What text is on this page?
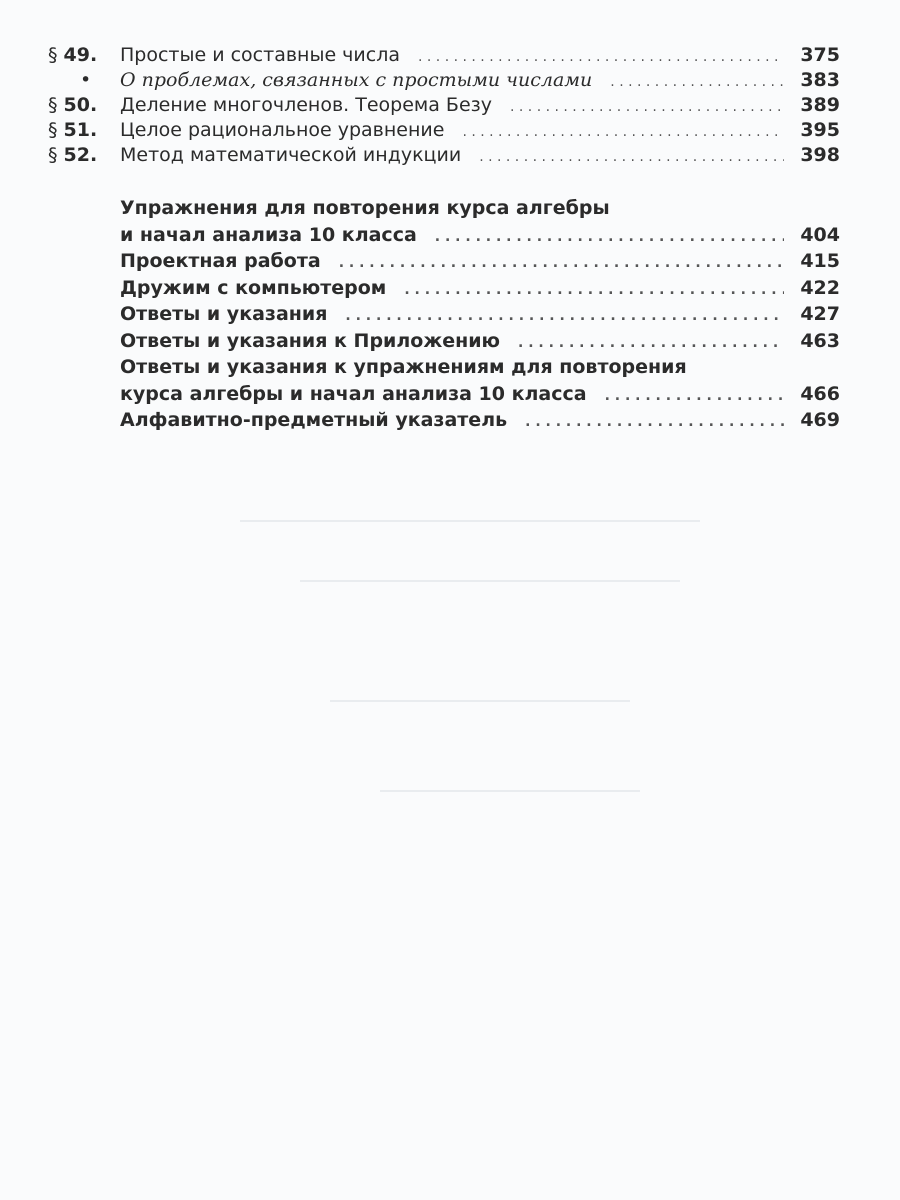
§ 49.	Простые и составные числа . . .	375
•	О проблемах, связанных с простыми числами . . .	383
§ 50.	Деление многочленов. Теорема Безу . . .	389
§ 51.	Целое рациональное уравнение . . .	395
§ 52.	Метод математической индукции . . .	398
Упражнения для повторения курса алгебры
и начал анализа 10 класса . . .	404
Проектная работа . . .	415
Дружим с компьютером . . .	422
Ответы и указания . . .	427
Ответы и указания к Приложению . . .	463
Ответы и указания к упражнениям для повторения
курса алгебры и начал анализа 10 класса . . .	466
Алфавитно-предметный указатель . . .	469
